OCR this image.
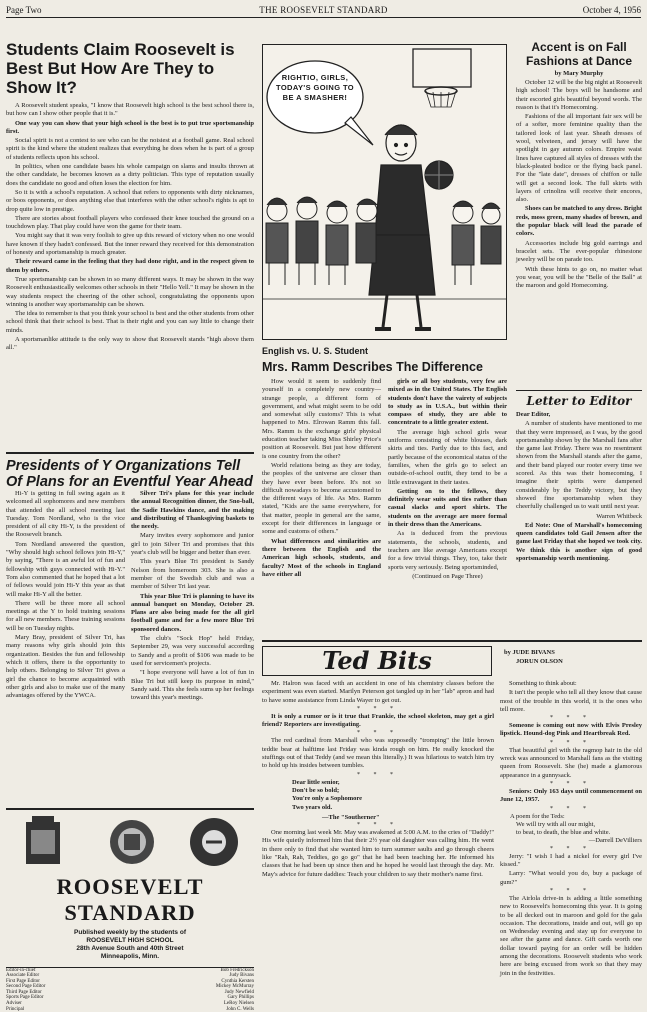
Page Two	THE ROOSEVELT STANDARD	October 4, 1956
Students Claim Roosevelt is Best But How Are They to Show It?

A Roosevelt student speaks, "I know that Roosevelt high school is the best school there is, but how can I show other people that it is."

One way you can show that your high school is the best is to put true sportsmanship first.

Social spirit is not a contest to see who can be the noisiest at a football game. Real school spirit is the kind where the student realizes that everything he does when he is part of a group of students reflects upon his school.

In politics, when one candidate bases his whole campaign on slams and insults thrown at the other candidate, he becomes known as a dirty politician. This type of reputation usually does the candidate no good and often loses the election for him.

So it is with a school's reputation. A school that refers to opponents with dirty nicknames, or boos opponents, or does anything else that interferes with the other school's rights is apt to drop quite low in prestige.

There are stories about football players who confessed their knee touched the ground on a touchdown play. That play could have won the game for their team.

You might say that it was very foolish to give up this reward of victory when no one would have known if they hadn't confessed. But the inner reward they received for this demonstration of honesty and sportsmanship is much greater.

Their reward came in the feeling that they had done right, and in the respect given to them by others.

True sportsmanship can be shown in so many different ways. It may be shown in the way Roosevelt enthusiastically welcomes other schools in their "Hello Yell." It may be shown in the way students respect the cheering of the other school, congratulating the opponents upon winning is another way sportsmanship can be shown.

The idea to remember is that you think your school is best and the other students from other school think that their school is best. That is their right and you can say little to change their minds.

A sportsmanlike attitude is the only way to show that Roosevelt stands "high above them all."

RIGHTIO, GIRLS, TODAY'S GOING TO BE A SMASHER!
English vs. U. S. Student
Mrs. Ramm Describes The Difference

How would it seem to suddenly find yourself in a completely new country—strange people, a different form of government, and what might seem to be odd and somewhat silly customs? This is what happened to Mrs. Elrowan Ramm this fall. Mrs. Ramm is the exchange girls' physical education teacher taking Miss Shirley Price's position at Roosevelt. But just how different is one country from the other?

World relations being as they are today, the peoples of the universe are closer than they have ever been before. It's not so difficult nowadays to become accustomed to the different ways of life. As Mrs. Ramm stated, "Kids are the same everywhere, for that matter, people in general are the same, except for their differences in language or some and customs of others."

What differences and similarities are there between the English and the American high schools, students, and faculty? Most of the schools in England have either all

girls or all boy students, very few are mixed as in the United States. The English students don't have the vairety of subjects to study as in U.S.A., but within their compass of study, they are able to concentrate to a little greater extent.

The average high school girls wear uniforms consisting of white blouses, dark skirts and ties. Partly due to this fact, and partly because of the economical status of the families, when the girls go to select an outside-of-school outfit, they tend to be a little extravagant in their tastes.

Getting on to the fellows, they definitely wear suits and ties rather than casual slacks and sport shirts. The students on the average are more formal in their dress than the Americans.

As is deduced from the previous statements, the schools, students, and teachers are like average Americans except for a few trivial things. They, too, take their sports very seriously. Being sportsminded,

(Continued on Page Three)

Accent is on Fall Fashions at Dance
by Mary Murphy

October 12 will be the big night at Roosevelt high school! The boys will be handsome and their escorted girls beautiful beyond words. The reason is that it's Homecoming.

Fashions of the all important fair sex will be of a softer, more feminine quality than the tailored look of last year. Sheath dresses of wool, velveteen, and jersey will have the spotlight in gay autumn colors. Empire waist lines have captured all styles of dresses with the black-pleated bodice or the flying back panel. For the "late date", dresses of chiffon or tulle will get a second look. The full skirts with layers of crinolins will receive their encores, also.

Shoes can be matched to any dress. Bright reds, moss green, many shades of brown, and the popular black will lead the parade of colors.

Accessories include big gold earrings and bracelet sets. The ever-popular rhinestone jewelry will be on parade too.

With these hints to go on, no matter what you wear, you will be the "Belle of the Ball" at the maroon and gold Homecoming.

Letter to Editor

Dear Editor,

A number of students have mentioned to me that they were impressed, as I was, by the good sportsmanship shown by the Marshall fans after the game last Friday. There was no resentment shown from the Marshall stands after the game, and their band played our rooter every time we scored. As this was their homecoming, I imagine their spirits were dampened considerably by the Teddy victory, but they showed fine sportsmanship when they cheerfully challenged us to wait until next year.

Warren Whitbeck

Ed Note: One of Marshall's homecoming queen candidates told Gail Jensen after the game last Friday that she hoped we took city. We think this is another sign of good sportsmanship worth mentioning.

Presidents of Y Organizations Tell Of Plans for an Eventful Year Ahead

Hi-Y is getting in full swing again as it welcomed all sophomores and new members that attended the all school meeting last Tuesday. Tom Nordland, who is the vice president of all city Hi-Y, is the president of the Roosevelt branch.

Tom Nordland answered the question, "Why should high school fellows join Hi-Y," by saying, "There is an awful lot of fun and fellowship with guys connected with Hi-Y." Tom also commented that he hoped that a lot of fellows would join Hi-Y this year as that will make Hi-Y all the better.

There will be three more all school meetings at the Y to hold training sessions for all new members. These training sessions will be on Tuesday nights.

Mary Bray, president of Silver Tri, has many reasons why girls should join this organization. Besides the fun and fellowship which it offers, there is the opportunity to help others. Belonging to Silver Tri gives a girl the chance to become acquainted with other girls and also to make use of the many advantages offered by the YWCA.

Silver Tri's plans for this year include the annual Recognition dinner, the Sno-ball, the Sadie Hawkins dance, and the making and distributing of Thanksgiving baskets to the needy.

Mary invites every sophomore and junior girl to join Silver Tri and promises that this year's club will be bigger and better than ever.

This year's Blue Tri president is Sandy Nelson from homeroom 303. She is also a member of the Swedish club and was a member of Silver Tri last year.

This year Blue Tri is planning to have its annual banquet on Monday, October 29. Plans are also being made for the all girl football game and for a few more Blue Tri sponsored dances.

The club's "Sock Hop" held Friday, September 29, was very successful according to Sandy and a profit of $106 was made to be used for servicemen's projects.

"I hope everyone will have a lot of fun in Blue Tri but still keep its purpose in mind," Sandy said. This she feels sums up her feelings toward this year's meetings.

ROOSEVELT STANDARD
Published weekly by the students of
ROOSEVELT HIGH SCHOOL
28th Avenue South and 40th Street
Minneapolis, Minn.
Editor-in-chief	Bob Fredrickson
Associate Editor	Judy Bivans
First Page Editor	Cynthia Kersten
Second Page Editor	Mickey McMurray
Third Page Editor	Judy Newfield
Sports Page Editor	Gary Phillips
Adviser	LeRoy Nielsen
Principal	John C. Wells
Ted Bits	by JUDE BIVANS
JORUN OLSON

Mr. Halron was faced with an accident in one of his chemistry classes before the experiment was even started. Marilyn Peterson got tangled up in her "lab" apron and had to have some assistance from Linda Wayer to get out.

* * *

It is only a rumor or is it true that Frankie, the school skeleton, may get a girl friend? Reporters are investigating.

* * *

The red cardinal from Marshall who was supposedly "tromping" the little brown teddie bear at halftime last Friday was kinda rough on him. He really knocked the stuffings out of that Teddy (and we mean this literally.) It was hilarious to watch him try to hold up his insides between tumbles.

* * *
Dear little senior,
Don't be so bold;
You're only a Sophomore
Two years old.
—The "Southerner"
* * *

One morning last week Mr. May was awakened at 5:00 A.M. to the cries of "Daddy!" His wife quietly informed him that their 2½ year old daughter was calling him. He went in there only to find that she wanted him to turn summer saults and go through cheers like "Rah, Rah, Teddies, go go go" that he had been teaching her. He informed his classes that he had been up since then and he hoped he would last through the day. Mr. May's advice for future daddies: Teach your children to say their mother's name first.

Something to think about:

It isn't the people who tell all they know that cause most of the trouble in this world, it is the ones who tell more.

* * *

Someone is coming out now with Elvis Presley lipstick. Hound-dog Pink and Heartbreak Red.

* * *

That beautiful girl with the ragmop hair in the old wreck was announced to Marshall fans as the visiting queen from Roosevelt. She (he) made a glamorous appearance in a gunnysack.

* * *

Seniors: Only 163 days until commencement on June 12, 1957.

* * *
A poem for the Teds:
We will try with all our might,
to beat, to death, the blue and white.
—Darrell DeVilliers
* * *

Jerry: "I wish I had a nickel for every girl I've kissed."

Larry: "What would you do, buy a package of gum?"

* * *

The Airlola drive-in is adding a little something new to Roosevelt's homecoming this year. It is going to be all decked out in maroon and gold for the gala occasion. The decorations, inside and out, will go up on Wednesday evening and stay up for everyone to see after the game and dance. Gift cards worth one dollar toward paying for an order will be hidden among the decorations. Roosevelt students who work here are being excused from work so that they may join in the festivities.
